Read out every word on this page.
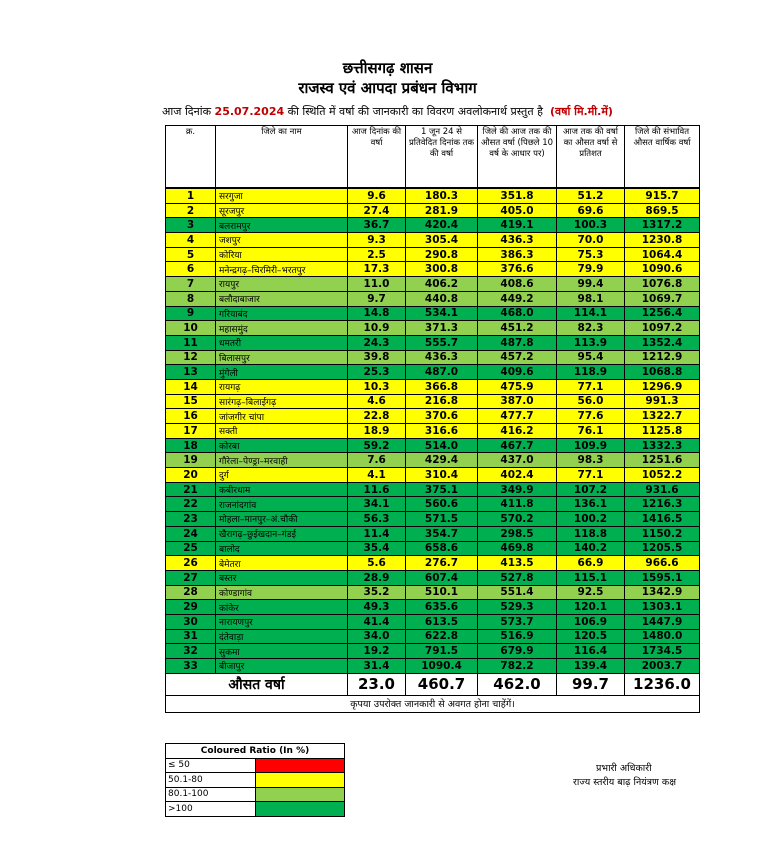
छत्तीसगढ़ शासन
राजस्व एवं आपदा प्रबंधन विभाग
आज दिनांक 25.07.2024 की स्थिति में वर्षा की जानकारी का विवरण अवलोकनार्थ प्रस्तुत है (वर्षा मि.मी.में)
क्र.	जिले का नाम	आज दिनांक की वर्षा	1 जून 24 से प्रतिवेदित दिनांक तक की वर्षा	जिले की आज तक की औसत वर्षा (पिछले 10 वर्ष के आधार पर)	आज तक की वर्षा का औसत वर्षा से प्रतिशत	जिले की संभावित औसत वार्षिक वर्षा

1	सरगुजा	9.6	180.3	351.8	51.2	915.7
2	सूरजपुर	27.4	281.9	405.0	69.6	869.5
3	बलरामपुर	36.7	420.4	419.1	100.3	1317.2
4	जशपुर	9.3	305.4	436.3	70.0	1230.8
5	कोरिया	2.5	290.8	386.3	75.3	1064.4
6	मनेन्द्रगढ़–चिरमिरी–भरतपुर	17.3	300.8	376.6	79.9	1090.6
7	रायपुर	11.0	406.2	408.6	99.4	1076.8
8	बलौदाबाजार	9.7	440.8	449.2	98.1	1069.7
9	गरियाबंद	14.8	534.1	468.0	114.1	1256.4
10	महासमुंद	10.9	371.3	451.2	82.3	1097.2
11	धमतरी	24.3	555.7	487.8	113.9	1352.4
12	बिलासपुर	39.8	436.3	457.2	95.4	1212.9
13	मुंगेली	25.3	487.0	409.6	118.9	1068.8
14	रायगढ़	10.3	366.8	475.9	77.1	1296.9
15	सारंगढ़–बिलाईगढ़	4.6	216.8	387.0	56.0	991.3
16	जांजगीर चांपा	22.8	370.6	477.7	77.6	1322.7
17	सक्ती	18.9	316.6	416.2	76.1	1125.8
18	कोरबा	59.2	514.0	467.7	109.9	1332.3
19	गौरेला–पेण्ड्रा–मरवाही	7.6	429.4	437.0	98.3	1251.6
20	दुर्ग	4.1	310.4	402.4	77.1	1052.2
21	कबीरधाम	11.6	375.1	349.9	107.2	931.6
22	राजनांदगांव	34.1	560.6	411.8	136.1	1216.3
23	मोहला–मानपुर–अं.चौकी	56.3	571.5	570.2	100.2	1416.5
24	खैरागढ़–छुईखदान–गंडई	11.4	354.7	298.5	118.8	1150.2
25	बालोद	35.4	658.6	469.8	140.2	1205.5
26	बेमेतरा	5.6	276.7	413.5	66.9	966.6
27	बस्तर	28.9	607.4	527.8	115.1	1595.1
28	कोण्डागांव	35.2	510.1	551.4	92.5	1342.9
29	कांकेर	49.3	635.6	529.3	120.1	1303.1
30	नारायणपुर	41.4	613.5	573.7	106.9	1447.9
31	दंतेवाड़ा	34.0	622.8	516.9	120.5	1480.0
32	सुकमा	19.2	791.5	679.9	116.4	1734.5
33	बीजापुर	31.4	1090.4	782.2	139.4	2003.7
औसत वर्षा		23.0	460.7	462.0	99.7	1236.0
कृपया उपरोक्त जानकारी से अवगत होना चाहेंगें।						
Coloured Ratio (In %)	
≤ 50	
50.1-80	
80.1-100	
>100	
प्रभारी अधिकारी
राज्य स्तरीय बाढ़ नियंत्रण कक्ष
